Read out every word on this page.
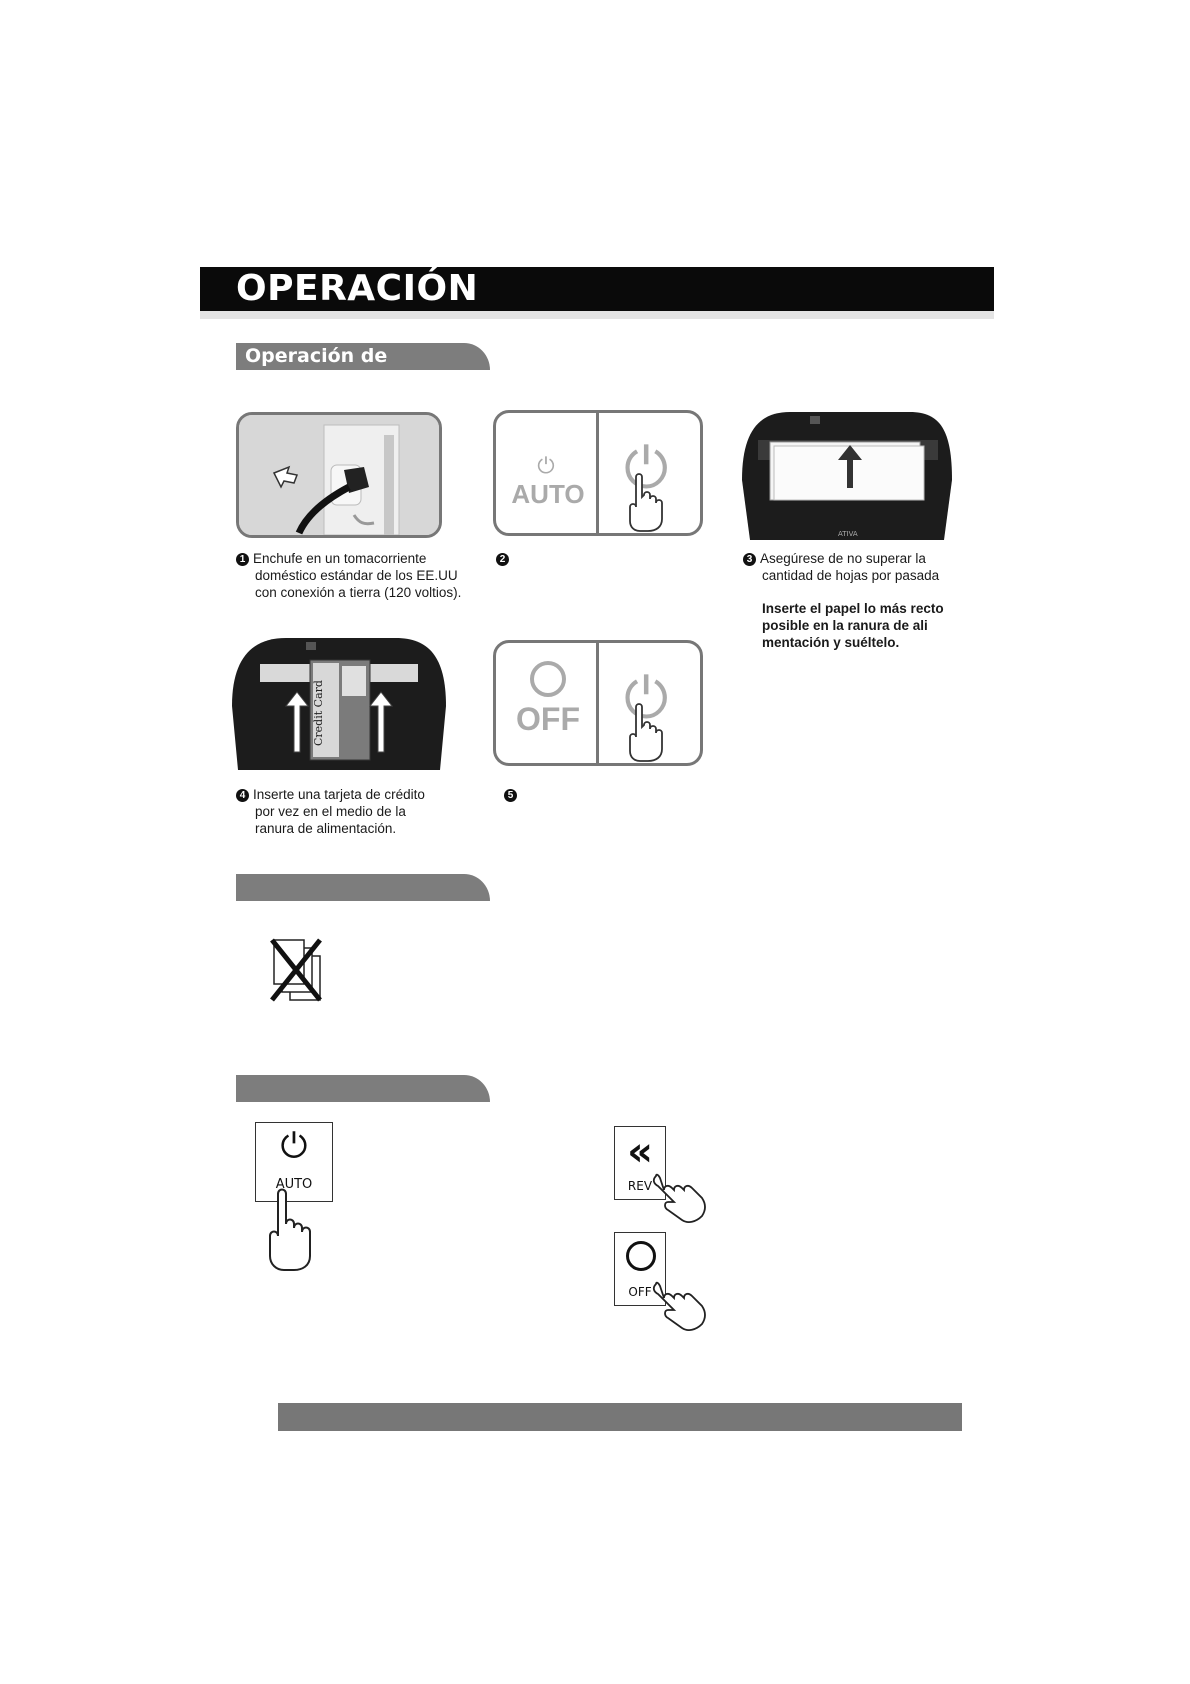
OPERACIÓN
Operación de triturado:
1 Enchufe en un tomacorriente
doméstico estándar de los EE.UU
con conexión a tierra (120 voltios).
⏻
AUTO ⏻
2
ATIVA
3 Asegúrese de no superar la
cantidad de hojas por pasada

Inserte el papel lo más recto
posible en la ranura de ali
mentación y suéltelo.
Credit Card
4 Inserte una tarjeta de crédito
por vez en el medio de la
ranura de alimentación.
OFF ⏻
5
⏻
AUTO
«
REV
OFF
